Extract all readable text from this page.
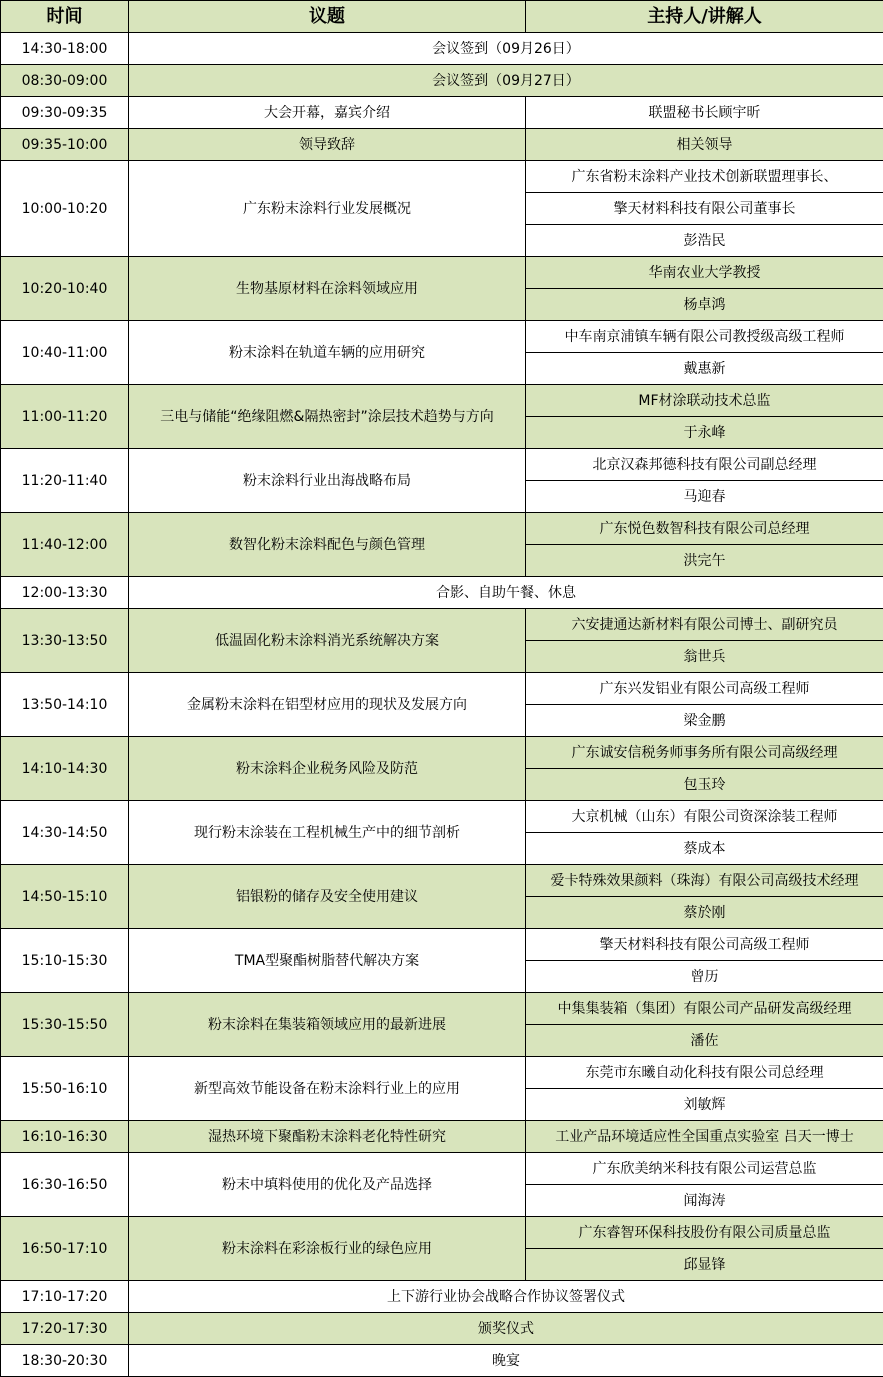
时间	议题	主持人/讲解人
14:30-18:00	会议签到（09月26日）	
08:30-09:00	会议签到（09月27日）	
09:30-09:35	大会开幕，嘉宾介绍	联盟秘书长顾宇昕
09:35-10:00	领导致辞	相关领导
10:00-10:20	广东粉末涂料行业发展概况	广东省粉末涂料产业技术创新联盟理事长、
		擎天材料科技有限公司董事长
		彭浩民
10:20-10:40	生物基原材料在涂料领域应用	华南农业大学教授
		杨卓鸿
10:40-11:00	粉末涂料在轨道车辆的应用研究	中车南京浦镇车辆有限公司教授级高级工程师
		戴惠新
11:00-11:20	三电与储能“绝缘阻燃&隔热密封”涂层技术趋势与方向	MF材涂联动技术总监
		于永峰
11:20-11:40	粉末涂料行业出海战略布局	北京汉森邦德科技有限公司副总经理
		马迎春
11:40-12:00	数智化粉末涂料配色与颜色管理	广东悦色数智科技有限公司总经理
		洪完午
12:00-13:30	合影、自助午餐、休息	
13:30-13:50	低温固化粉末涂料消光系统解决方案	六安捷通达新材料有限公司博士、副研究员
		翁世兵
13:50-14:10	金属粉末涂料在铝型材应用的现状及发展方向	广东兴发铝业有限公司高级工程师
		梁金鹏
14:10-14:30	粉末涂料企业税务风险及防范	广东诚安信税务师事务所有限公司高级经理
		包玉玲
14:30-14:50	现行粉末涂装在工程机械生产中的细节剖析	大京机械（山东）有限公司资深涂装工程师
		蔡成本
14:50-15:10	铝银粉的储存及安全使用建议	爱卡特殊效果颜料（珠海）有限公司高级技术经理
		蔡於刚
15:10-15:30	TMA型聚酯树脂替代解决方案	擎天材料科技有限公司高级工程师
		曾历
15:30-15:50	粉末涂料在集装箱领域应用的最新进展	中集集装箱（集团）有限公司产品研发高级经理
		潘佐
15:50-16:10	新型高效节能设备在粉末涂料行业上的应用	东莞市东曦自动化科技有限公司总经理
		刘敏辉
16:10-16:30	湿热环境下聚酯粉末涂料老化特性研究	工业产品环境适应性全国重点实验室 吕天一博士
16:30-16:50	粉末中填料使用的优化及产品选择	广东欣美纳米科技有限公司运营总监
		闻海涛
16:50-17:10	粉末涂料在彩涂板行业的绿色应用	广东睿智环保科技股份有限公司质量总监
		邱显锋
17:10-17:20	上下游行业协会战略合作协议签署仪式	
17:20-17:30	颁奖仪式	
18:30-20:30	晚宴	
